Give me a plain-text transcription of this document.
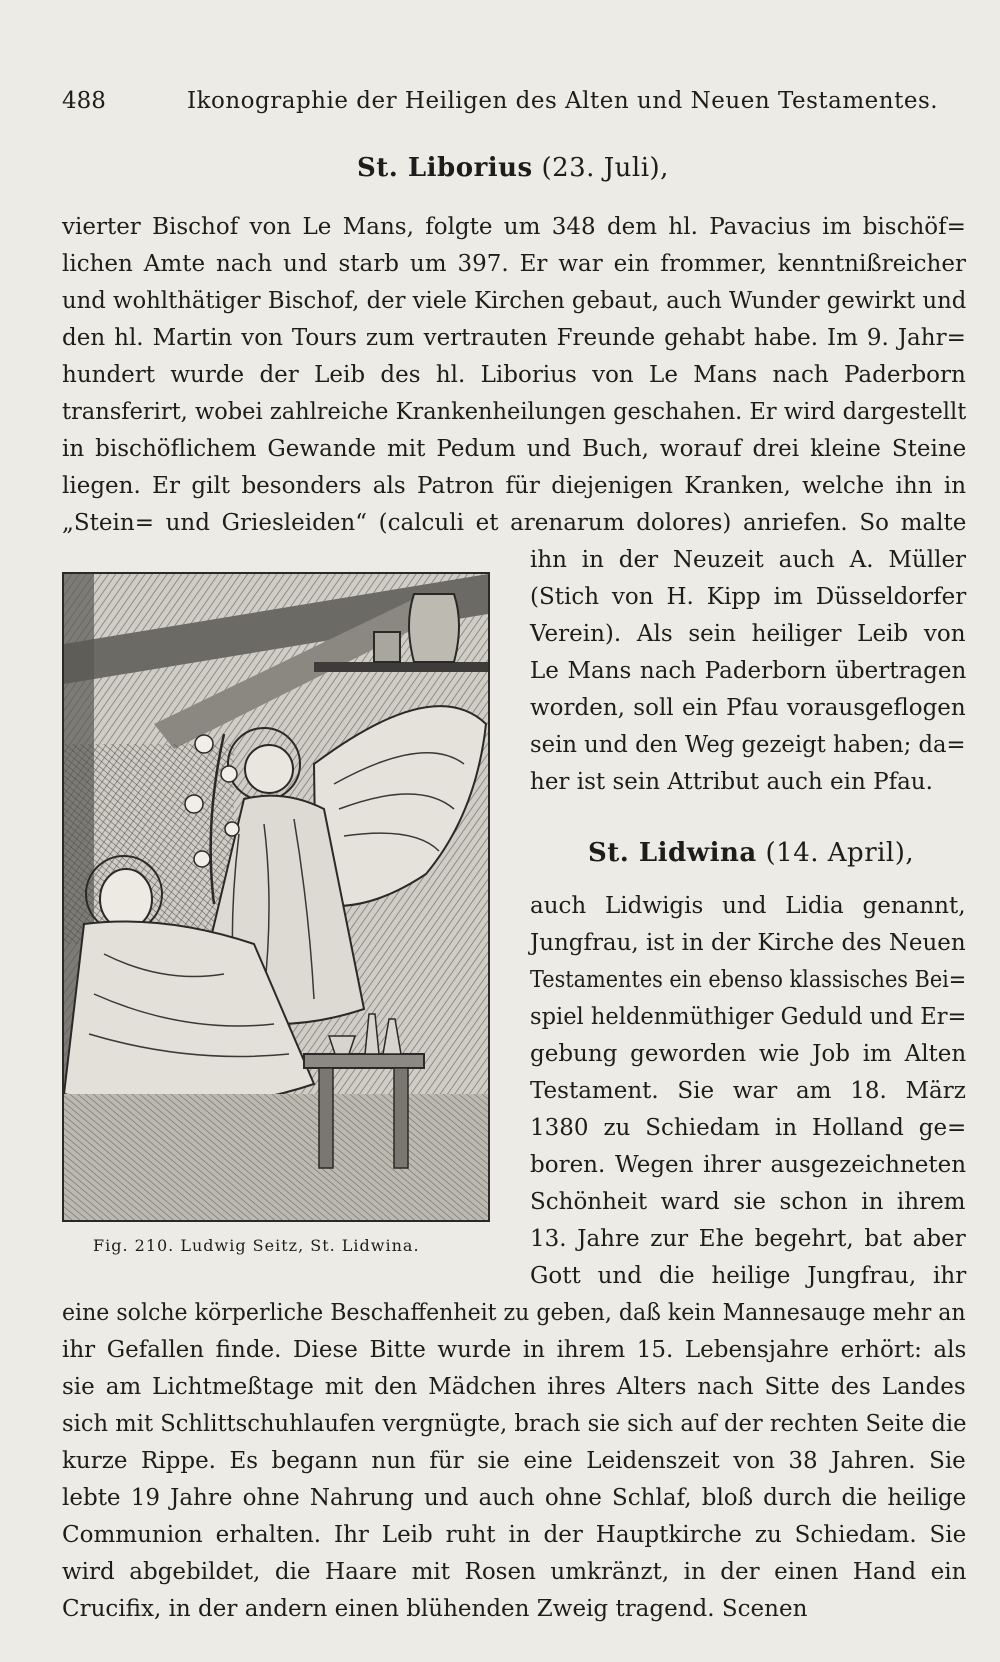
488	Ikonographie der Heiligen des Alten und Neuen Testamentes.
St. Liborius (23. Juli),
vierter Bischof von Le Mans, folgte um 348 dem hl. Pavacius im bischöf=
lichen Amte nach und starb um 397. Er war ein frommer, kenntnißreicher
und wohlthätiger Bischof, der viele Kirchen gebaut, auch Wunder gewirkt und
den hl. Martin von Tours zum vertrauten Freunde gehabt habe. Im 9. Jahr=
hundert wurde der Leib des hl. Liborius von Le Mans nach Paderborn
transferirt, wobei zahlreiche Krankenheilungen geschahen. Er wird dargestellt
in bischöflichem Gewande mit Pedum und Buch, worauf drei kleine Steine
liegen. Er gilt besonders als Patron für diejenigen Kranken, welche ihn in
„Stein= und Griesleiden“ (calculi et arenarum dolores) anriefen. So malte
ihn in der Neuzeit auch A. Müller
(Stich von H. Kipp im Düsseldorfer
Verein). Als sein heiliger Leib von
Le Mans nach Paderborn übertragen
worden, soll ein Pfau vorausgeflogen
sein und den Weg gezeigt haben; da=
her ist sein Attribut auch ein Pfau.
St. Lidwina (14. April),
auch Lidwigis und Lidia genannt,
Jungfrau, ist in der Kirche des Neuen
Testamentes ein ebenso klassisches Bei=
spiel heldenmüthiger Geduld und Er=
gebung geworden wie Job im Alten
Testament. Sie war am 18. März
1380 zu Schiedam in Holland ge=
boren. Wegen ihrer ausgezeichneten
Schönheit ward sie schon in ihrem
13. Jahre zur Ehe begehrt, bat aber
Gott und die heilige Jungfrau, ihr
eine solche körperliche Beschaffenheit zu geben, daß kein Mannesauge mehr an
ihr Gefallen finde. Diese Bitte wurde in ihrem 15. Lebensjahre erhört: als
sie am Lichtmeßtage mit den Mädchen ihres Alters nach Sitte des Landes
sich mit Schlittschuhlaufen vergnügte, brach sie sich auf der rechten Seite die
kurze Rippe. Es begann nun für sie eine Leidenszeit von 38 Jahren. Sie
lebte 19 Jahre ohne Nahrung und auch ohne Schlaf, bloß durch die heilige
Communion erhalten. Ihr Leib ruht in der Hauptkirche zu Schiedam. Sie
wird abgebildet, die Haare mit Rosen umkränzt, in der einen Hand ein
Crucifix, in der andern einen blühenden Zweig tragend. Scenen
Fig. 210. Ludwig Seitz, St. Lidwina.
